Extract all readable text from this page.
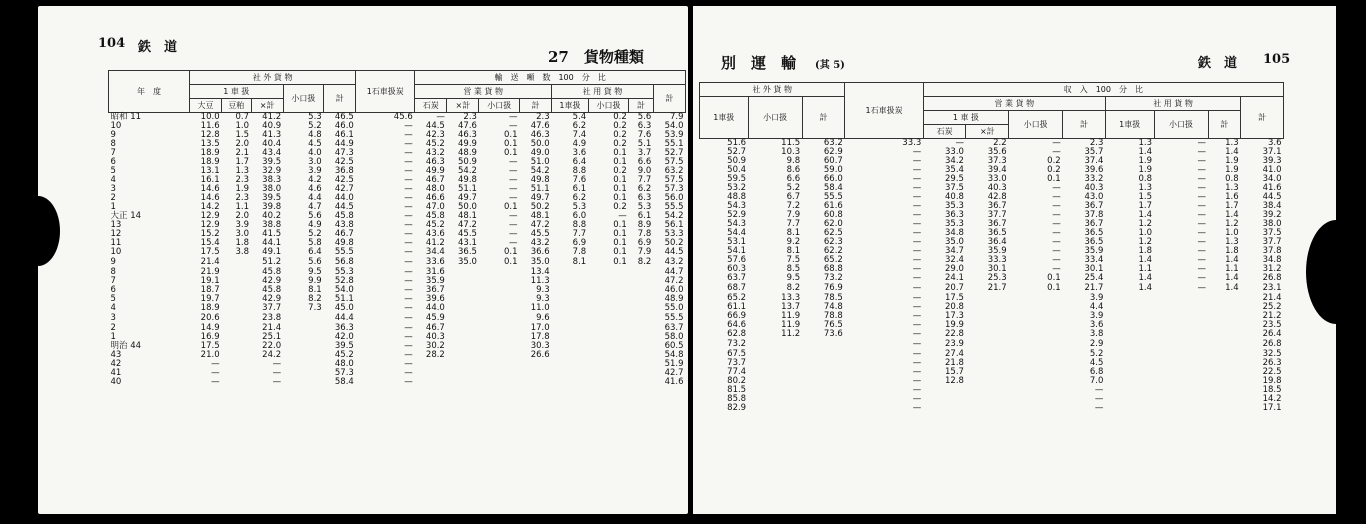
104 鉄　道
27　貨物種類
年　度	社 外 貨 物					1石車扱炭	輸　送　噸　数　100　分　比							
	1 車 扱			小口扱	計		営 業 貨 物				社 用 貨 物			計
	大豆	豆粕	×計				石炭	×計	小口扱	計	1車扱	小口扱	計	

昭和 11	10.0	0.7	41.2	5.3	46.5	45.6	—	2.3	—	2.3	5.4	0.2	5.6	7.9
10	11.6	1.0	40.9	5.2	46.0	—	44.5	47.6	—	47.6	6.2	0.2	6.3	54.0
9	12.8	1.5	41.3	4.8	46.1	—	42.3	46.3	0.1	46.3	7.4	0.2	7.6	53.9
8	13.5	2.0	40.4	4.5	44.9	—	45.2	49.9	0.1	50.0	4.9	0.2	5.1	55.1
7	18.9	2.1	43.4	4.0	47.3	—	43.2	48.9	0.1	49.0	3.6	0.1	3.7	52.7
6	18.9	1.7	39.5	3.0	42.5	—	46.3	50.9	—	51.0	6.4	0.1	6.6	57.5
5	13.1	1.3	32.9	3.9	36.8	—	49.9	54.2	—	54.2	8.8	0.2	9.0	63.2
4	16.1	2.3	38.3	4.2	42.5	—	46.7	49.8	—	49.8	7.6	0.1	7.7	57.5
3	14.6	1.9	38.0	4.6	42.7	—	48.0	51.1	—	51.1	6.1	0.1	6.2	57.3
2	14.6	2.3	39.5	4.4	44.0	—	46.6	49.7	—	49.7	6.2	0.1	6.3	56.0
1	14.2	1.1	39.8	4.7	44.5	—	47.0	50.0	0.1	50.2	5.3	0.2	5.3	55.5
大正 14	12.9	2.0	40.2	5.6	45.8	—	45.8	48.1	—	48.1	6.0	—	6.1	54.2
13	12.9	3.9	38.8	4.9	43.8	—	45.2	47.2	—	47.2	8.8	0.1	8.9	56.1
12	15.2	3.0	41.5	5.2	46.7	—	43.6	45.5	—	45.5	7.7	0.1	7.8	53.3
11	15.4	1.8	44.1	5.8	49.8	—	41.2	43.1	—	43.2	6.9	0.1	6.9	50.2
10	17.5	3.8	49.1	6.4	55.5	—	34.4	36.5	0.1	36.6	7.8	0.1	7.9	44.5
9	21.4		51.2	5.6	56.8	—	33.6	35.0	0.1	35.0	8.1	0.1	8.2	43.2
8	21.9		45.8	9.5	55.3	—	31.6			13.4				44.7
7	19.1		42.9	9.9	52.8	—	35.9			11.3				47.2
6	18.7		45.8	8.1	54.0	—	36.7			9.3				46.0
5	19.7		42.9	8.2	51.1	—	39.6			9.3				48.9
4	18.9		37.7	7.3	45.0	—	44.0			11.0				55.0
3	20.6		23.8		44.4	—	45.9			9.6				55.5
2	14.9		21.4		36.3	—	46.7			17.0				63.7
1	16.9		25.1		42.0	—	40.3			17.8				58.0
明治 44	17.5		22.0		39.5	—	30.2			30.3				60.5
43	21.0		24.2		45.2	—	28.2			26.6				54.8
42	—		—		48.0	—								51.9
41	—		—		57.3	—								42.7
40	—		—		58.4	—								41.6
別　運　輸 (其 5)	鉄　道 105
社 外 貨 物			1石車扱炭	収　入　100　分　比							
1車扱	小口扱	計		営 業 貨 物				社 用 貨 物			計
				1 車 扱		小口扱	計	1車扱	小口扱	計	
				石炭	×計						
51.6	11.5	63.2	33.3	—	2.2	—	2.3	1.3	—	1.3	3.6
52.7	10.3	62.9	—	33.0	35.6	—	35.7	1.4	—	1.4	37.1
50.9	9.8	60.7	—	34.2	37.3	0.2	37.4	1.9	—	1.9	39.3
50.4	8.6	59.0	—	35.4	39.4	0.2	39.6	1.9	—	1.9	41.0
59.5	6.6	66.0	—	29.5	33.0	0.1	33.2	0.8	—	0.8	34.0
53.2	5.2	58.4	—	37.5	40.3	—	40.3	1.3	—	1.3	41.6
48.8	6.7	55.5	—	40.8	42.8	—	43.0	1.5	—	1.6	44.5
54.3	7.2	61.6	—	35.3	36.7	—	36.7	1.7	—	1.7	38.4
52.9	7.9	60.8	—	36.3	37.7	—	37.8	1.4	—	1.4	39.2
54.3	7.7	62.0	—	35.3	36.7	—	36.7	1.2	—	1.2	38.0
54.4	8.1	62.5	—	34.8	36.5	—	36.5	1.0	—	1.0	37.5
53.1	9.2	62.3	—	35.0	36.4	—	36.5	1.2	—	1.3	37.7
54.1	8.1	62.2	—	34.7	35.9	—	35.9	1.8	—	1.8	37.8
57.6	7.5	65.2	—	32.4	33.3	—	33.4	1.4	—	1.4	34.8
60.3	8.5	68.8	—	29.0	30.1	—	30.1	1.1	—	1.1	31.2
63.7	9.5	73.2	—	24.1	25.3	0.1	25.4	1.4	—	1.4	26.8
68.7	8.2	76.9	—	20.7	21.7	0.1	21.7	1.4	—	1.4	23.1
65.2	13.3	78.5	—	17.5			3.9				21.4
61.1	13.7	74.8	—	20.8			4.4				25.2
66.9	11.9	78.8	—	17.3			3.9				21.2
64.6	11.9	76.5	—	19.9			3.6				23.5
62.8	11.2	73.6	—	22.8			3.8				26.4
73.2			—	23.9			2.9				26.8
67.5			—	27.4			5.2				32.5
73.7			—	21.8			4.5				26.3
77.4			—	15.7			6.8				22.5
80.2			—	12.8			7.0				19.8
81.5			—				—				18.5
85.8			—				—				14.2
82.9			—				—				17.1
